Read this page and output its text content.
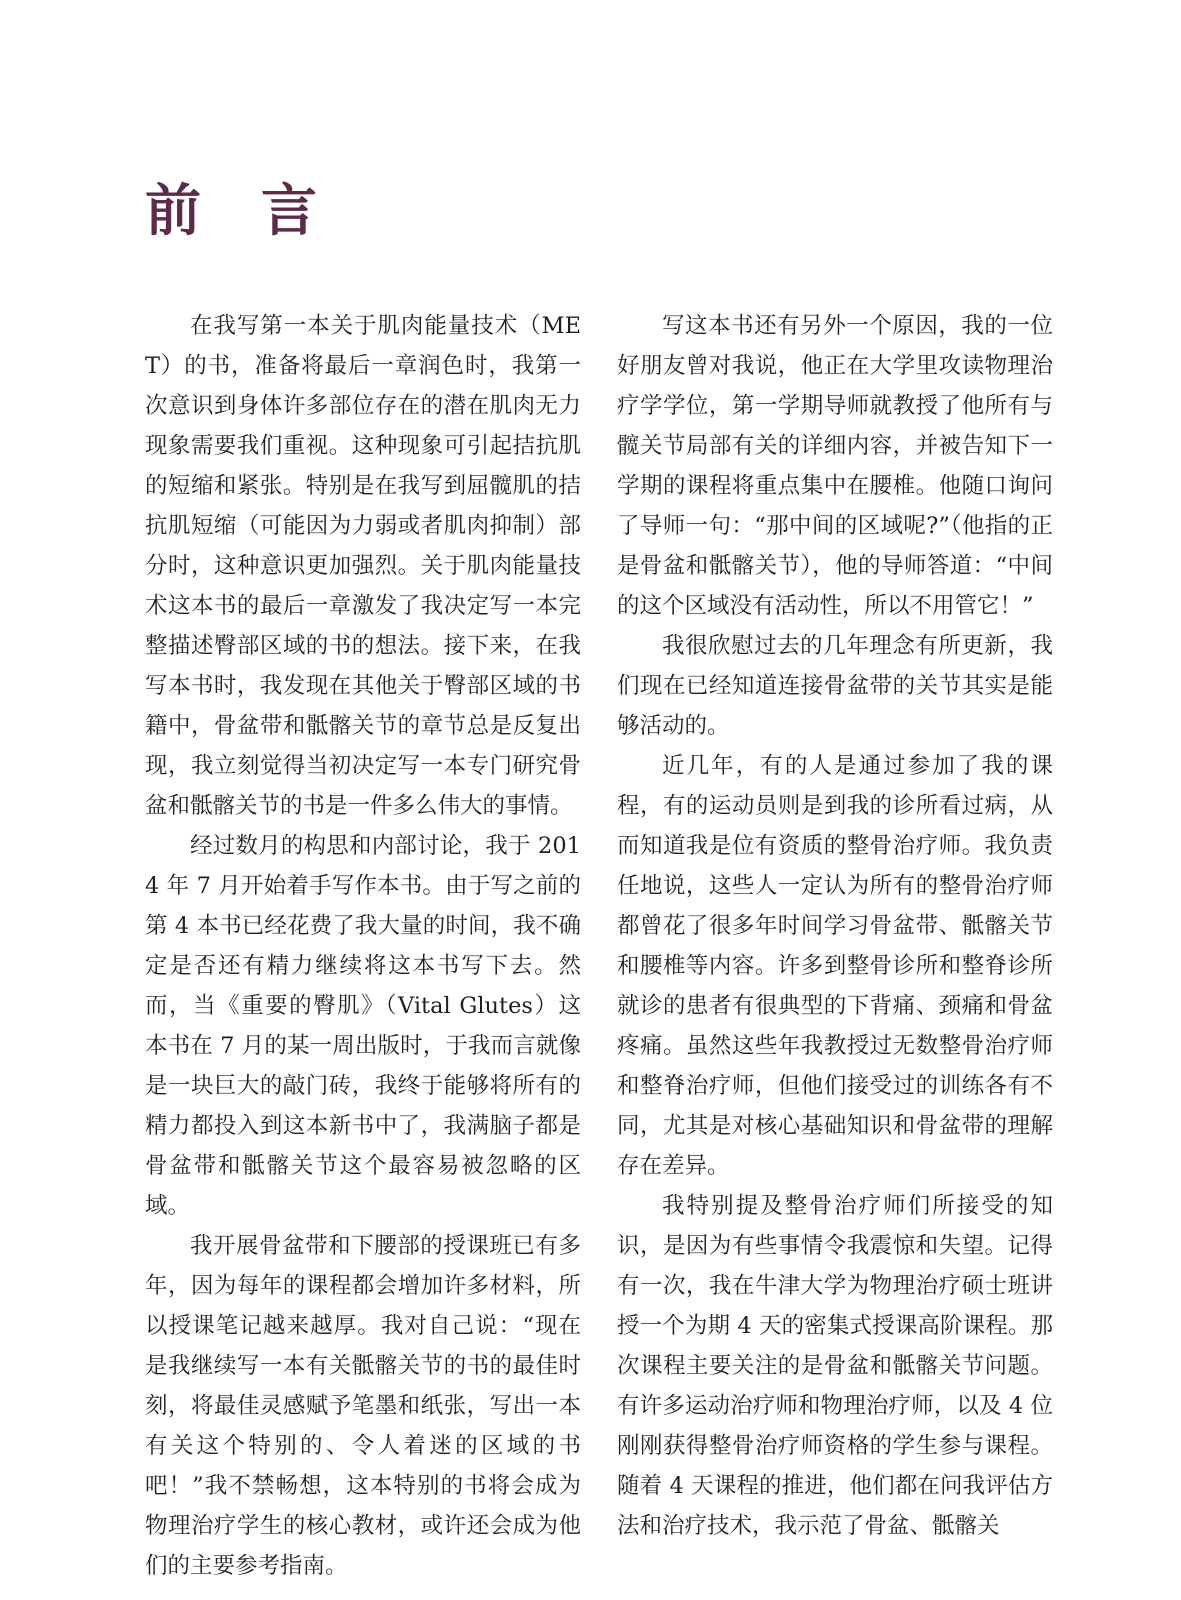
前　言

在我写第一本关于肌肉能量技术（MET）的书，准备将最后一章润色时，我第一次意识到身体许多部位存在的潜在肌肉无力现象需要我们重视。这种现象可引起拮抗肌的短缩和紧张。特别是在我写到屈髋肌的拮抗肌短缩（可能因为力弱或者肌肉抑制）部分时，这种意识更加强烈。关于肌肉能量技术这本书的最后一章激发了我决定写一本完整描述臀部区域的书的想法。接下来，在我写本书时，我发现在其他关于臀部区域的书籍中，骨盆带和骶髂关节的章节总是反复出现，我立刻觉得当初决定写一本专门研究骨盆和骶髂关节的书是一件多么伟大的事情。

经过数月的构思和内部讨论，我于 2014 年 7 月开始着手写作本书。由于写之前的第 4 本书已经花费了我大量的时间，我不确定是否还有精力继续将这本书写下去。然而，当《重要的臀肌》（Vital Glutes）这本书在 7 月的某一周出版时，于我而言就像是一块巨大的敲门砖，我终于能够将所有的精力都投入到这本新书中了，我满脑子都是骨盆带和骶髂关节这个最容易被忽略的区域。

我开展骨盆带和下腰部的授课班已有多年，因为每年的课程都会增加许多材料，所以授课笔记越来越厚。我对自己说：“现在是我继续写一本有关骶髂关节的书的最佳时刻，将最佳灵感赋予笔墨和纸张，写出一本有关这个特别的、令人着迷的区域的书吧！”我不禁畅想，这本特别的书将会成为物理治疗学生的核心教材，或许还会成为他们的主要参考指南。

写这本书还有另外一个原因，我的一位好朋友曾对我说，他正在大学里攻读物理治疗学学位，第一学期导师就教授了他所有与髋关节局部有关的详细内容，并被告知下一学期的课程将重点集中在腰椎。他随口询问了导师一句：“那中间的区域呢?”（他指的正是骨盆和骶髂关节），他的导师答道：“中间的这个区域没有活动性，所以不用管它！”

我很欣慰过去的几年理念有所更新，我们现在已经知道连接骨盆带的关节其实是能够活动的。

近几年，有的人是通过参加了我的课程，有的运动员则是到我的诊所看过病，从而知道我是位有资质的整骨治疗师。我负责任地说，这些人一定认为所有的整骨治疗师都曾花了很多年时间学习骨盆带、骶髂关节和腰椎等内容。许多到整骨诊所和整脊诊所就诊的患者有很典型的下背痛、颈痛和骨盆疼痛。虽然这些年我教授过无数整骨治疗师和整脊治疗师，但他们接受过的训练各有不同，尤其是对核心基础知识和骨盆带的理解存在差异。

我特别提及整骨治疗师们所接受的知识，是因为有些事情令我震惊和失望。记得有一次，我在牛津大学为物理治疗硕士班讲授一个为期 4 天的密集式授课高阶课程。那次课程主要关注的是骨盆和骶髂关节问题。有许多运动治疗师和物理治疗师，以及 4 位刚刚获得整骨治疗师资格的学生参与课程。随着 4 天课程的推进，他们都在问我评估方法和治疗技术，我示范了骨盆、骶髂关
